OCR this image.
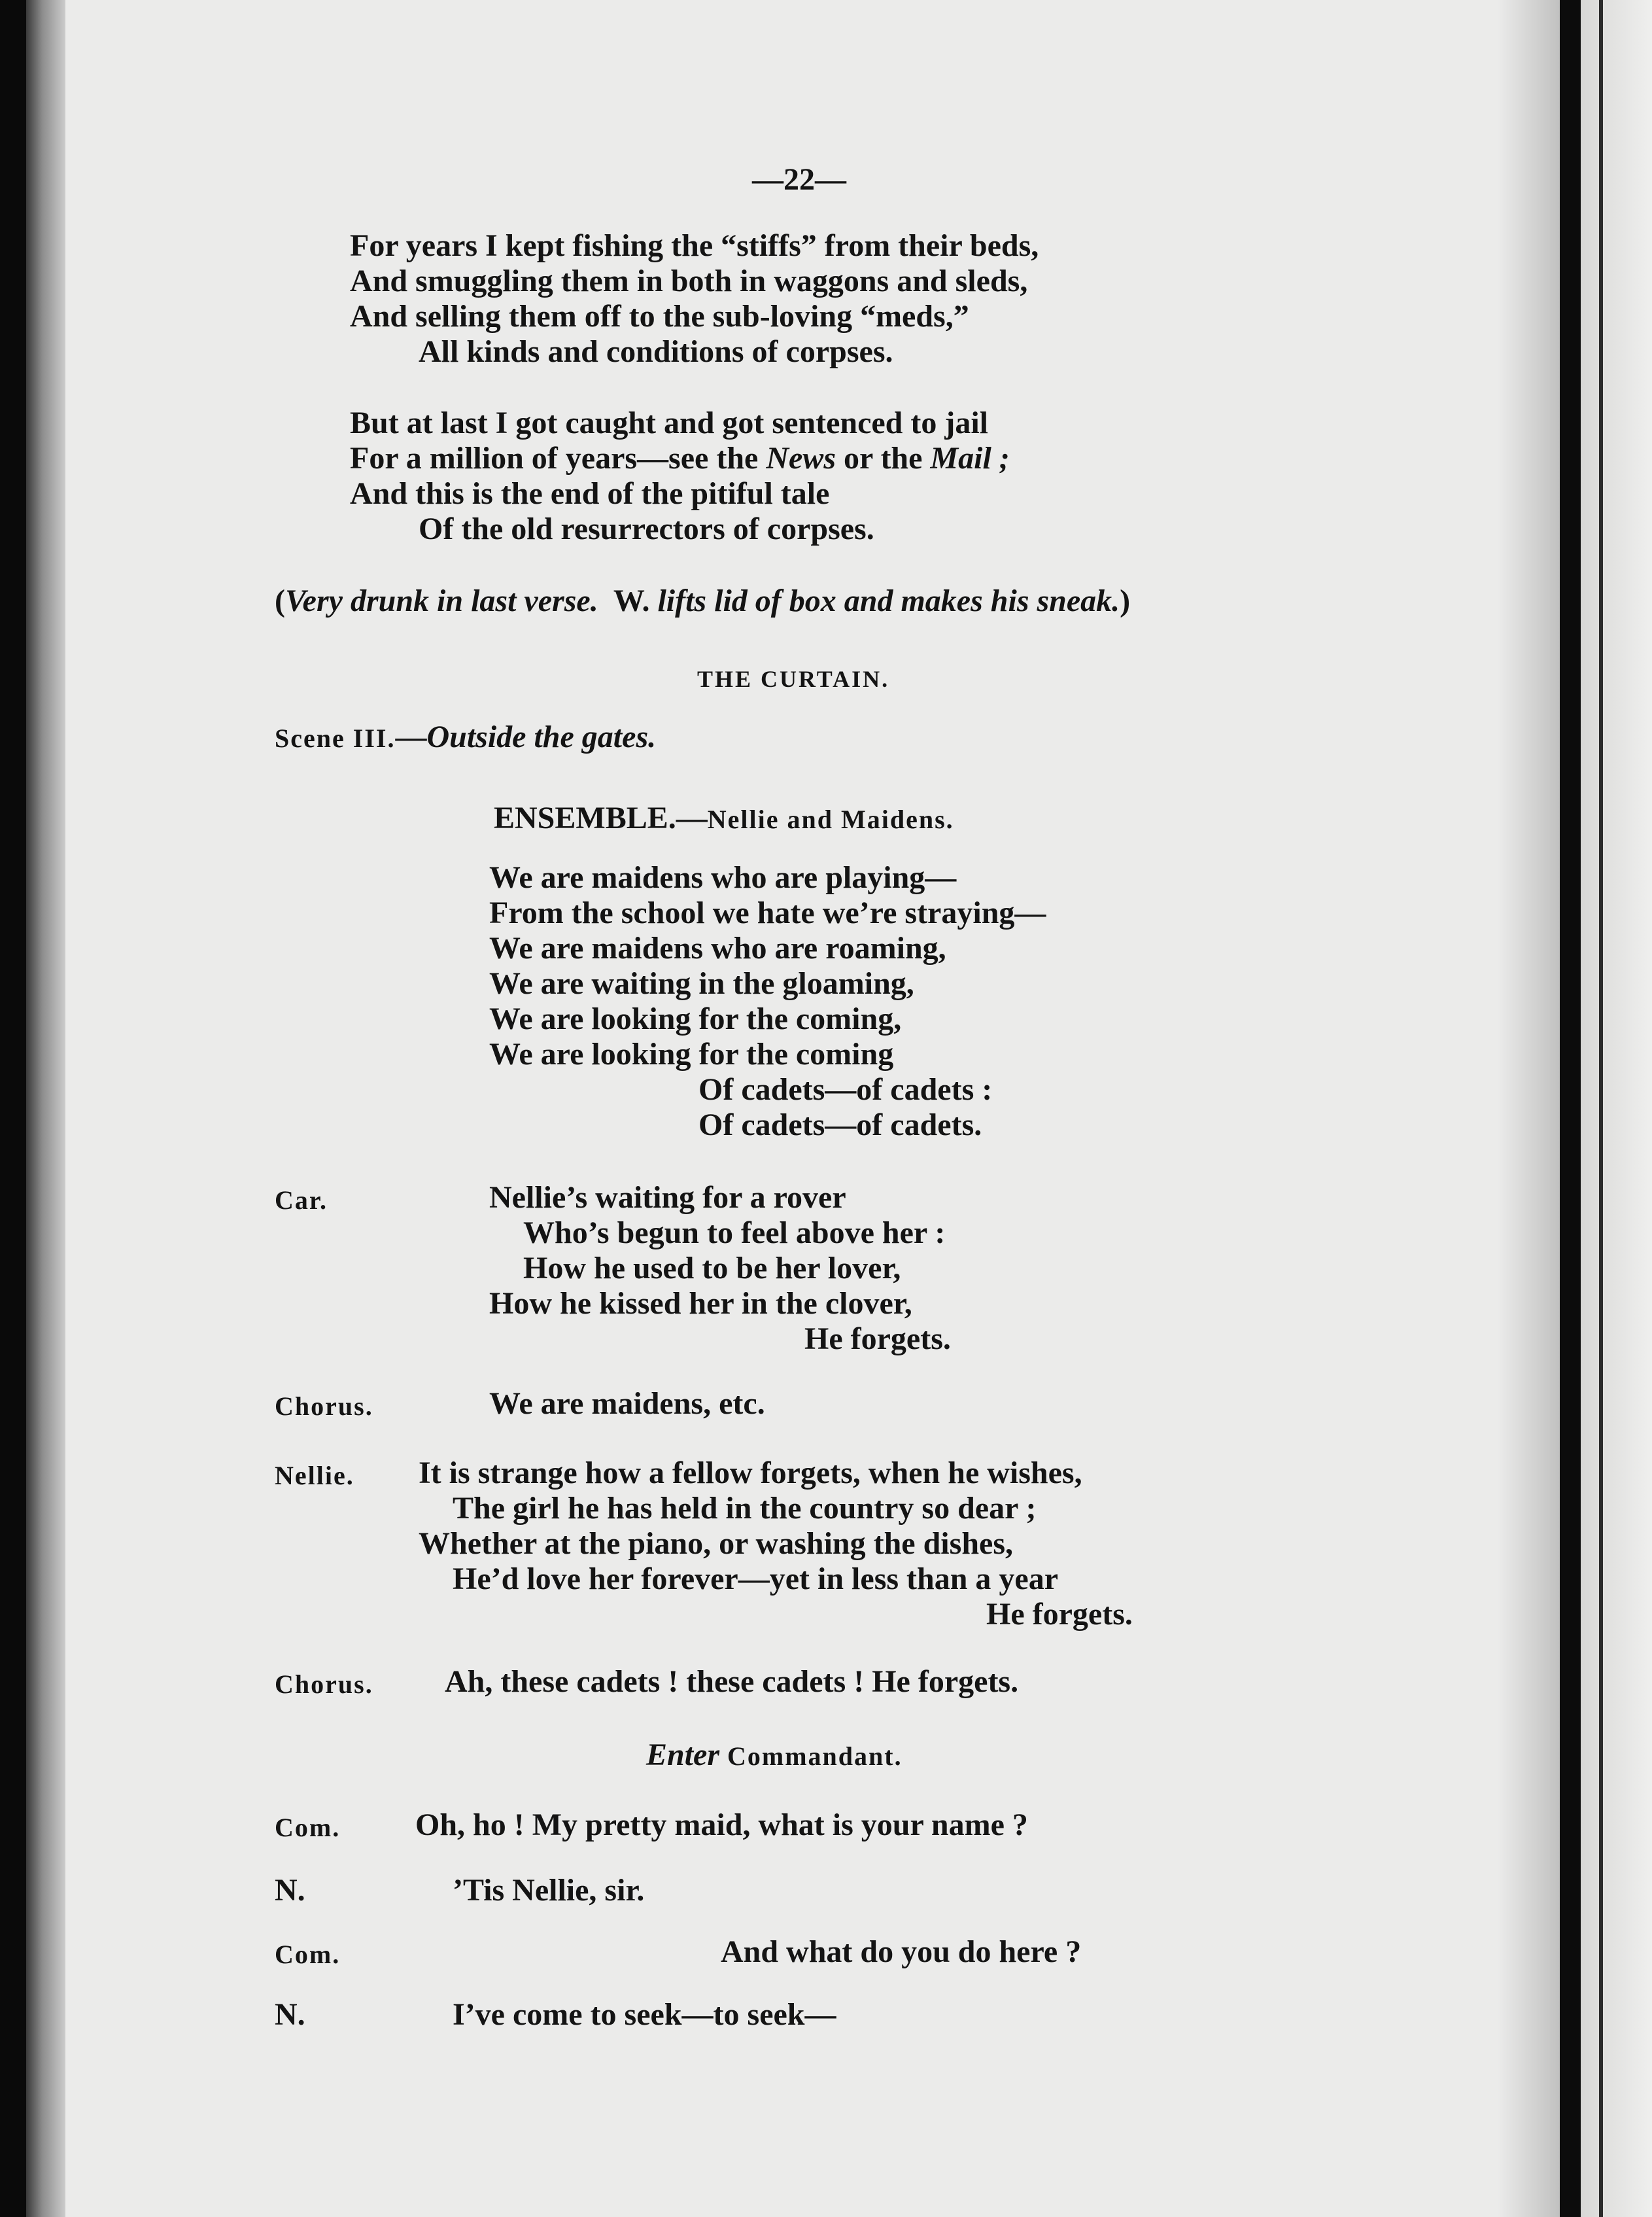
—22—
For years I kept fishing the “stiffs” from their beds,
And smuggling them in both in waggons and sleds,
And selling them off to the sub-loving “meds,”
All kinds and conditions of corpses.
But at last I got caught and got sentenced to jail
For a million of years—see the News or the Mail ;
And this is the end of the pitiful tale
Of the old resurrectors of corpses.
(Very drunk in last verse. W. lifts lid of box and makes his sneak.)
THE CURTAIN.
Scene III.—Outside the gates.
ENSEMBLE.—Nellie and Maidens.
We are maidens who are playing—
From the school we hate we’re straying—
We are maidens who are roaming,
We are waiting in the gloaming,
We are looking for the coming,
We are looking for the coming
Of cadets—of cadets :
Of cadets—of cadets.
Car.	Nellie’s waiting for a rover
Who’s begun to feel above her :
How he used to be her lover,
How he kissed her in the clover,
He forgets.
Chorus.	We are maidens, etc.
Nellie. It is strange how a fellow forgets, when he wishes,
The girl he has held in the country so dear ;
Whether at the piano, or washing the dishes,
He’d love her forever—yet in less than a year
He forgets.
Chorus. Ah, these cadets ! these cadets ! He forgets.
Enter Commandant.
Com. Oh, ho ! My pretty maid, what is your name ?
N.	’Tis Nellie, sir.
Com.	And what do you do here ?
N.	I’ve come to seek—to seek—
